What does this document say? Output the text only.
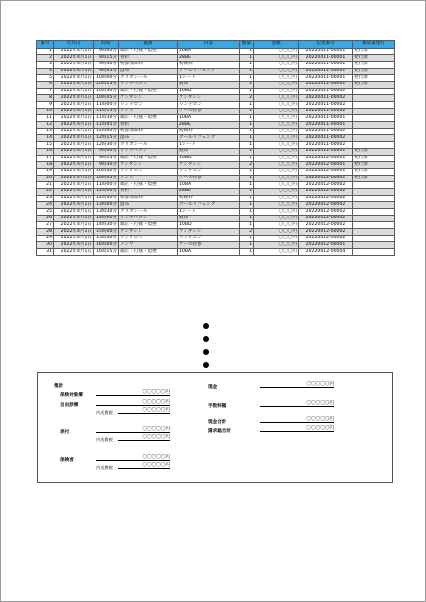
番号	年月日	時間	施術	内容	数量	金額	伝票番号	領収書発行
1	2022年4月1日	9時00分	矯正・打撲・捻挫	10BA	1	〇〇〇円	20220411-00001	発行済
2	2022年4月1日	9時15分	骨折	28BE	1	〇〇〇円	20220411-00001	発行済
3	2022年4月1日	9時30分	初診加算料	初検料	1	〇〇〇円	20220411-00001	発行済
4	2022年4月1日	9時45分	湿布	クールリフェング	1	〇〇〇円	20220411-00001	発行済
5	2022年4月1日	10時00分	クリカシール	1シート	1	〇〇〇円	20220411-00001	発行済
6	2022年4月1日	10時15分	インタペタン	液体	1	〇〇〇円	20220411-00001	発行済
7	2022年4月1日	10時30分	矯正・打撲・捻挫	10BD	1	〇〇〇円	20220411-00002	
8	2022年4月1日	10時45分	ケンタシン	ケンタシン	2	〇〇〇円	20220411-00002	
9	2022年4月1日	11時00分	リンデロン	リンデロン	1	〇〇〇円	20220411-00002	
10	2022年4月1日	11時15分	ノンウ	ケース持参	1	〇〇〇円	20220411-00002	
11	2022年4月1日	11時30分	矯正・打撲・捻挫	10BA	1	〇〇〇円	20220411-00001	
12	2022年4月1日	11時45分	骨折	28BE	1	〇〇〇円	20220411-00001	
13	2022年4月1日	12時00分	初診加算料	初検料	1	〇〇〇円	20220411-00002	
14	2022年4月1日	12時15分	湿布	クールリフェング	1	〇〇〇円	20220411-00002	
15	2022年4月1日	12時30分	クリカシール	1シート	1	〇〇〇円	20220411-00002	
16	2022年4月1日	9時00分	インタペタン	液体	1	〇〇〇円	20220412-00001	発行済
17	2022年4月1日	9時15分	矯正・打撲・捻挫	10BD	1	〇〇〇円	20220412-00001	発行済
18	2022年4月1日	9時30分	ケンタシン	ケンタシン	2	〇〇〇円	20220412-00001	発行済
19	2022年4月1日	10時30分	リンデロン	リンデロン	1	〇〇〇円	20220412-00001	発行済
20	2022年4月1日	10時45分	ノンウ	ケース持参	1	〇〇〇円	20220412-00001	発行済
21	2022年4月1日	11時00分	矯正・打撲・捻挫	10BA	1	〇〇〇円	20220412-00002	
22	2022年4月1日	12時00分	骨折	28BE	1	〇〇〇円	20220412-00002	
23	2022年4月1日	12時30分	初診加算料	初検料	1	〇〇〇円	20220412-00002	
24	2022年4月1日	13時00分	湿布	クールリフェング	1	〇〇〇円	20220412-00002	
25	2022年4月1日	13時30分	クリカシール	1シート	1	〇〇〇円	20220412-00002	
26	2022年4月1日	14時00分	インタペタン	液体	1	〇〇〇円	20220412-00002	
27	2022年4月1日	14時30分	矯正・打撲・捻挫	10BD	1	〇〇〇円	20220412-00002	
28	2022年4月1日	15時00分	ケンタシン	ケンタシン	2	〇〇〇円	20220412-00002	
29	2022年4月1日	15時30分	リンデロン	リンデロン	1	〇〇〇円	20220412-00002	
30	2022年4月1日	16時00分	ノンウ	ケース持参	1	〇〇〇円	20220412-00001	
31	2022年4月1日	16時15分	矯正・打撲・捻挫	10BA	1	〇〇〇円	20220412-00004	
集計
保険対象療
〇〇〇〇〇円
自由診療
〇〇〇〇〇円
内送費税	〇〇〇〇〇円
表付
〇〇〇〇〇円
内送費税	〇〇〇〇〇円
保険者
〇〇〇〇〇円
内送費税	〇〇〇〇〇円
現金
〇〇〇〇〇円
手数料額
〇〇〇〇〇円
現金合計
〇〇〇〇〇円
請求総合計
〇〇〇〇〇円
